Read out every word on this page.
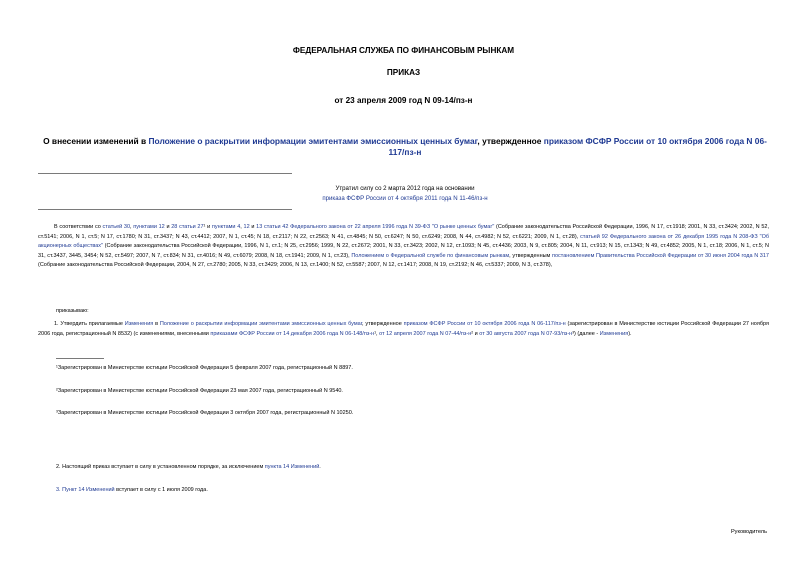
ФЕДЕРАЛЬНАЯ СЛУЖБА ПО ФИНАНСОВЫМ РЫНКАМ
ПРИКАЗ
от 23 апреля 2009 год N 09-14/пз-н
О внесении изменений в Положение о раскрытии информации эмитентами эмиссионных ценных бумаг, утвержденное приказом ФСФР России от 10 октября 2006 года N 06-117/пз-н
Утратил силу со 2 марта 2012 года на основании
приказа ФСФР России от 4 октября 2011 года N 11-46/пз-н
В соответствии со статьей 30, пунктами 12 и 28 статьи 27¹ и пунктами 4, 12 и 13 статьи 42 Федерального закона от 22 апреля 1996 года N 39-ФЗ "О рынке ценных бумаг" (Собрание законодательства Российской Федерации, 1996, N 17, ст.1918; 2001, N 33, ст.3424; 2002, N 52, ст.5141; 2006, N 1, ст.5; N 17, ст.1780; N 31, ст.3437; N 43, ст.4412; 2007, N 1, ст.45; N 18, ст.2117; N 22, ст.2563; N 41, ст.4845; N 50, ст.6247; N 50, ст.6249; 2008, N 44, ст.4982; N 52, ст.6221; 2009, N 1, ст.28), статьей 92 Федерального закона от 26 декабря 1995 года N 208-ФЗ "Об акционерных обществах" (Собрание законодательства Российской Федерации, 1996, N 1, ст.1; N 25, ст.2956; 1999, N 22, ст.2672; 2001, N 33, ст.3423; 2002, N 12, ст.1093; N 45, ст.4436; 2003, N 9, ст.805; 2004, N 11, ст.913; N 15, ст.1343; N 49, ст.4852; 2005, N 1, ст.18; 2006, N 1, ст.5; N 31, ст.3437, 3445, 3454; N 52, ст.5497; 2007, N 7, ст.834; N 31, ст.4016; N 49, ст.6079; 2008, N 18, ст.1941; 2009, N 1, ст.23), Положением о Федеральной службе по финансовым рынкам, утвержденным постановлением Правительства Российской Федерации от 30 июня 2004 года N 317 (Собрание законодательства Российской Федерации, 2004, N 27, ст.2780; 2005, N 33, ст.3429; 2006, N 13, ст.1400; N 52, ст.5587; 2007, N 12, ст.1417; 2008, N 19, ст.2192; N 46, ст.5337; 2009, N 3, ст.378),
приказываю:
1. Утвердить прилагаемые Изменения в Положение о раскрытии информации эмитентами эмиссионных ценных бумаг, утвержденное приказом ФСФР России от 10 октября 2006 года N 06-117/пз-н (зарегистрирован в Министерстве юстиции Российской Федерации 27 ноября 2006 года, регистрационный N 8532) (с изменениями, внесенными приказами ФСФР России от 14 декабря 2006 года N 06-148/пз-н¹, от 12 апреля 2007 года N 07-44/пз-н² и от 30 августа 2007 года N 07-93/пз-н³) (далее - Изменения).
¹Зарегистрирован в Министерстве юстиции Российской Федерации 5 февраля 2007 года, регистрационный N 8897.
²Зарегистрирован в Министерстве юстиции Российской Федерации 23 мая 2007 года, регистрационный N 9540.
³Зарегистрирован в Министерстве юстиции Российской Федерации 3 октября 2007 года, регистрационный N 10250.
2. Настоящий приказ вступает в силу в установленном порядке, за исключением пункта 14 Изменений.
3. Пункт 14 Изменений вступает в силу с 1 июля 2009 года.
Руководитель
